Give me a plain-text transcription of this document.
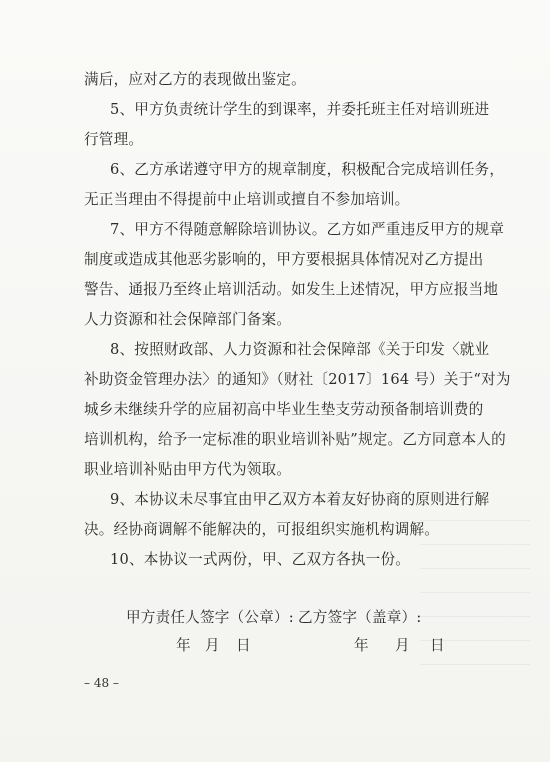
满后，应对乙方的表现做出鉴定。
5、甲方负责统计学生的到课率，并委托班主任对培训班进
行管理。
6、乙方承诺遵守甲方的规章制度，积极配合完成培训任务，
无正当理由不得提前中止培训或擅自不参加培训。
7、甲方不得随意解除培训协议。乙方如严重违反甲方的规章
制度或造成其他恶劣影响的，甲方要根据具体情况对乙方提出
警告、通报乃至终止培训活动。如发生上述情况，甲方应报当地
人力资源和社会保障部门备案。
8、按照财政部、人力资源和社会保障部《关于印发〈就业
补助资金管理办法〉的通知》（财社〔2017〕164 号）关于“对为
城乡未继续升学的应届初高中毕业生垫支劳动预备制培训费的
培训机构，给予一定标准的职业培训补贴”规定。乙方同意本人的
职业培训补贴由甲方代为领取。
9、本协议未尽事宜由甲乙双方本着友好协商的原则进行解
决。经协商调解不能解决的，可报组织实施机构调解。
10、本协议一式两份，甲、乙双方各执一份。
甲方责任人签字（公章）: 乙方签字（盖章）:
年 月 日	年 月 日
– 48 –
